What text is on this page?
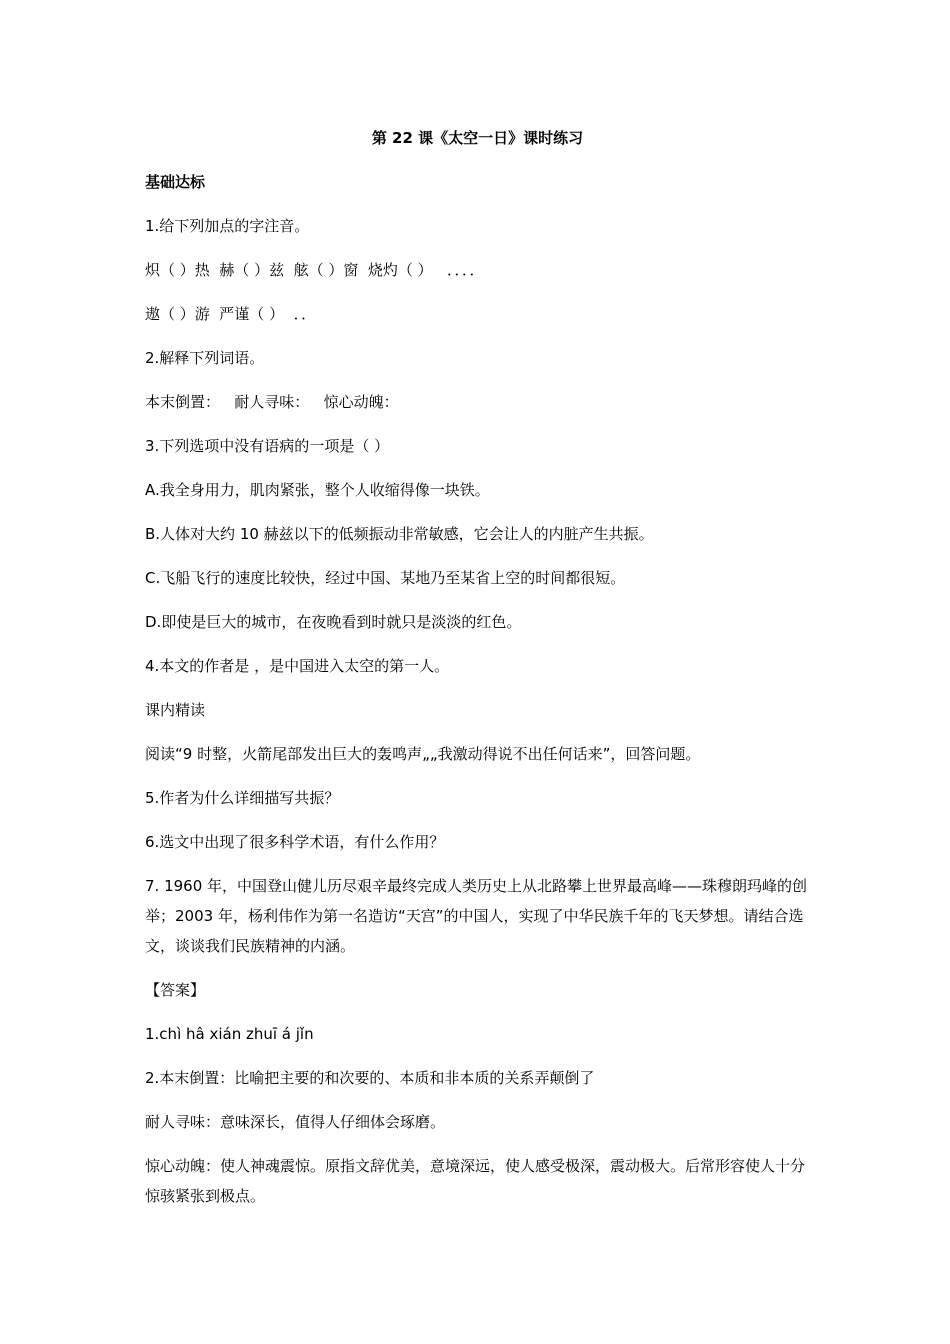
第 22 课《太空一日》课时练习
基础达标
1.给下列加点的字注音。
炽（ ）热  赫（ ）兹  舷（ ）窗  烧灼（ ）   ．．．．
遨（ ）游  严谨（ ）  ．．
2.解释下列词语。
本末倒置：   耐人寻味：   惊心动魄：
3.下列选项中没有语病的一项是（ ）
A.我全身用力，肌肉紧张，整个人收缩得像一块铁。
B.人体对大约 10 赫兹以下的低频振动非常敏感，它会让人的内脏产生共振。
C.飞船飞行的速度比较快，经过中国、某地乃至某省上空的时间都很短。
D.即使是巨大的城市，在夜晚看到时就只是淡淡的红色。
4.本文的作者是 ，是中国进入太空的第一人。
课内精读
阅读“9 时整，火箭尾部发出巨大的轰鸣声„„我激动得说不出任何话来”，回答问题。
5.作者为什么详细描写共振？
6.选文中出现了很多科学术语，有什么作用？
7. 1960 年，中国登山健儿历尽艰辛最终完成人类历史上从北路攀上世界最高峰——珠穆朗玛峰的创举；2003 年，杨利伟作为第一名造访“天宫”的中国人，实现了中华民族千年的飞天梦想。请结合选文，谈谈我们民族精神的内涵。
【答案】
1.chì hâ xián zhuī á jǐn
2.本末倒置：比喻把主要的和次要的、本质和非本质的关系弄颠倒了
耐人寻味：意味深长，值得人仔细体会琢磨。
惊心动魄：使人神魂震惊。原指文辞优美，意境深远，使人感受极深，震动极大。后常形容使人十分惊骇紧张到极点。
